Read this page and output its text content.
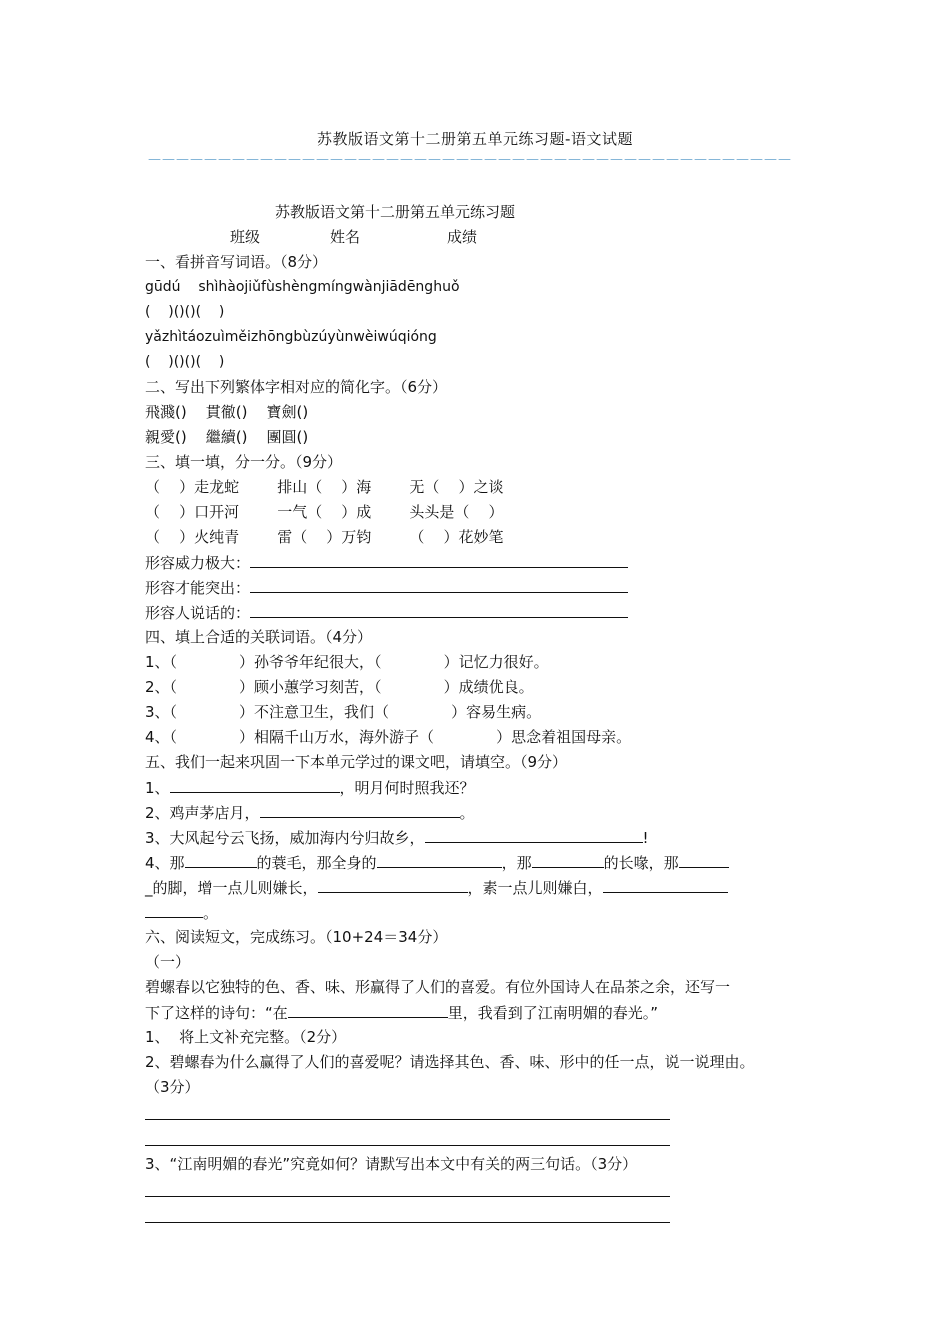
苏教版语文第十二册第五单元练习题-语文试题
——————————————————————————————————————————————
苏教版语文第十二册第五单元练习题
班级	姓名	成绩
一、看拼音写词语。（8分）
gūdú    shìhàojiǔfùshèngmíngwànjiādēnghuǒ
(    )()()(    )
yǎzhìtáozuìměizhōngbùzúyùnwèiwúqióng
(    )()()(    )
二、写出下列繁体字相对应的简化字。（6分）
飛濺()    貫徹()    寶劍()
親愛()    繼續()    團圓()
三、填一填，分一分。（9分）
（    ）走龙蛇        排山（    ）海        无（    ）之谈
（    ）口开河        一气（    ）成        头头是（    ）
（    ）火纯青        雷（    ）万钧        （    ）花妙笔
形容威力极大：
形容才能突出：
形容人说话的：
四、填上合适的关联词语。（4分）
1、（	）孙爷爷年纪很大，（	）记忆力很好。
2、（	）顾小蕙学习刻苦，（	）成绩优良。
3、（	）不注意卫生，我们（	）容易生病。
4、（	）相隔千山万水，海外游子（	）思念着祖国母亲。
五、我们一起来巩固一下本单元学过的课文吧，请填空。（9分）
1、	，明月何时照我还？
2、鸡声茅店月，	。
3、大风起兮云飞扬，威加海内兮归故乡，	!
4、那	的蓑毛，那全身的	，那	的长喙，那
_的脚，增一点儿则嫌长，	，素一点儿则嫌白，
。
六、阅读短文，完成练习。（10+24＝34分）
（一）
碧螺春以它独特的色、香、味、形赢得了人们的喜爱。有位外国诗人在品茶之余，还写一
下了这样的诗句：“在	里，我看到了江南明媚的春光。”
1、  将上文补充完整。（2分）
2、碧螺春为什么赢得了人们的喜爱呢？请选择其色、香、味、形中的任一点，说一说理由。
（3分）
3、“江南明媚的春光”究竟如何？请默写出本文中有关的两三句话。（3分）
